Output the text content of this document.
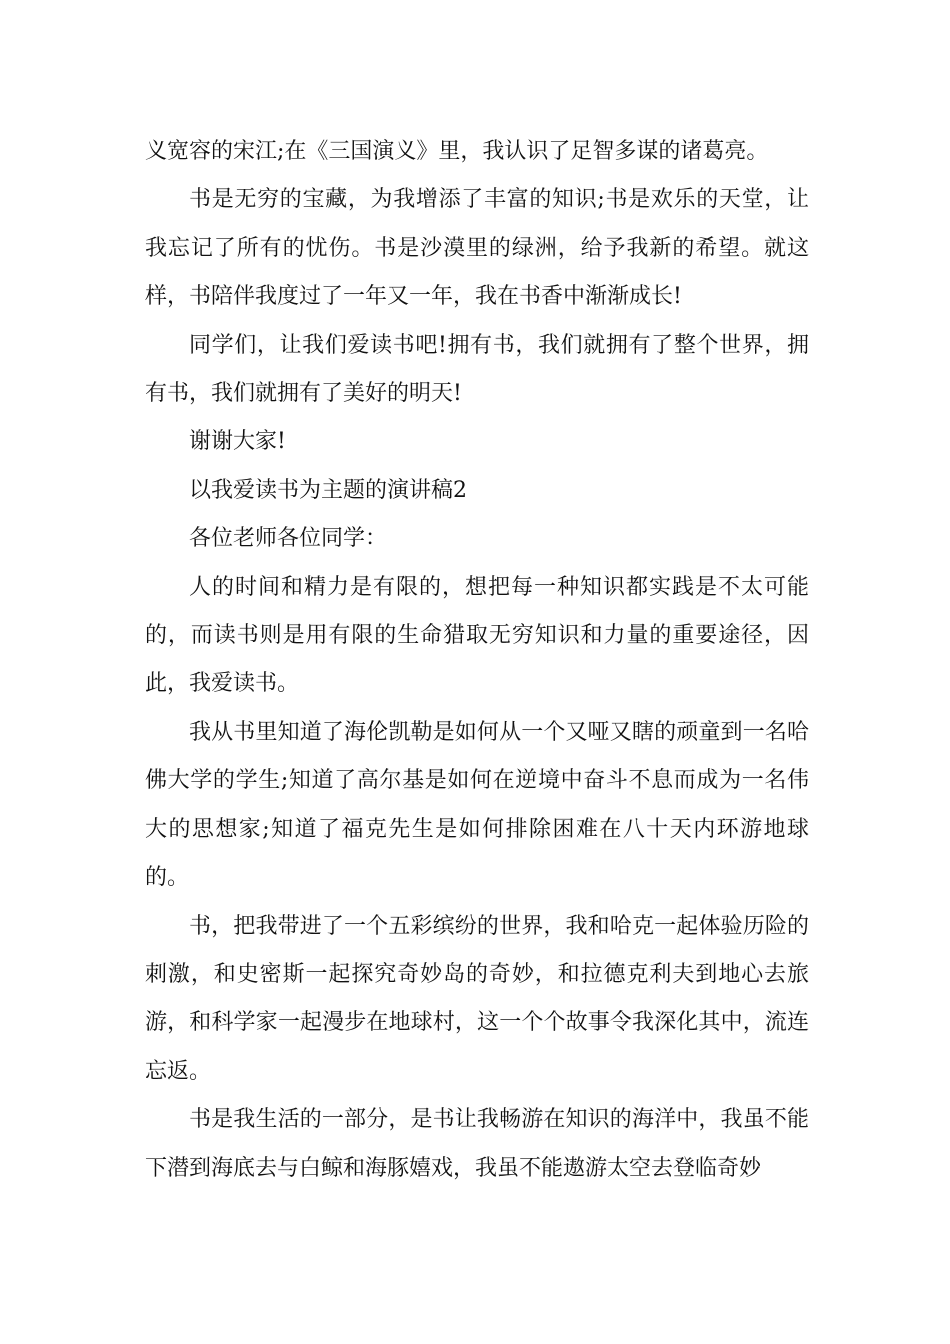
义宽容的宋江;在《三国演义》里，我认识了足智多谋的诸葛亮。

书是无穷的宝藏，为我增添了丰富的知识;书是欢乐的天堂，让我忘记了所有的忧伤。书是沙漠里的绿洲，给予我新的希望。就这样，书陪伴我度过了一年又一年，我在书香中渐渐成长!

同学们，让我们爱读书吧!拥有书，我们就拥有了整个世界，拥有书，我们就拥有了美好的明天!

谢谢大家!

以我爱读书为主题的演讲稿2

各位老师各位同学：

人的时间和精力是有限的，想把每一种知识都实践是不太可能的，而读书则是用有限的生命猎取无穷知识和力量的重要途径，因此，我爱读书。

我从书里知道了海伦凯勒是如何从一个又哑又瞎的顽童到一名哈佛大学的学生;知道了高尔基是如何在逆境中奋斗不息而成为一名伟大的思想家;知道了福克先生是如何排除困难在八十天内环游地球的。

书，把我带进了一个五彩缤纷的世界，我和哈克一起体验历险的刺激，和史密斯一起探究奇妙岛的奇妙，和拉德克利夫到地心去旅游，和科学家一起漫步在地球村，这一个个故事令我深化其中，流连忘返。

书是我生活的一部分，是书让我畅游在知识的海洋中，我虽不能下潜到海底去与白鲸和海豚嬉戏，我虽不能遨游太空去登临奇妙
